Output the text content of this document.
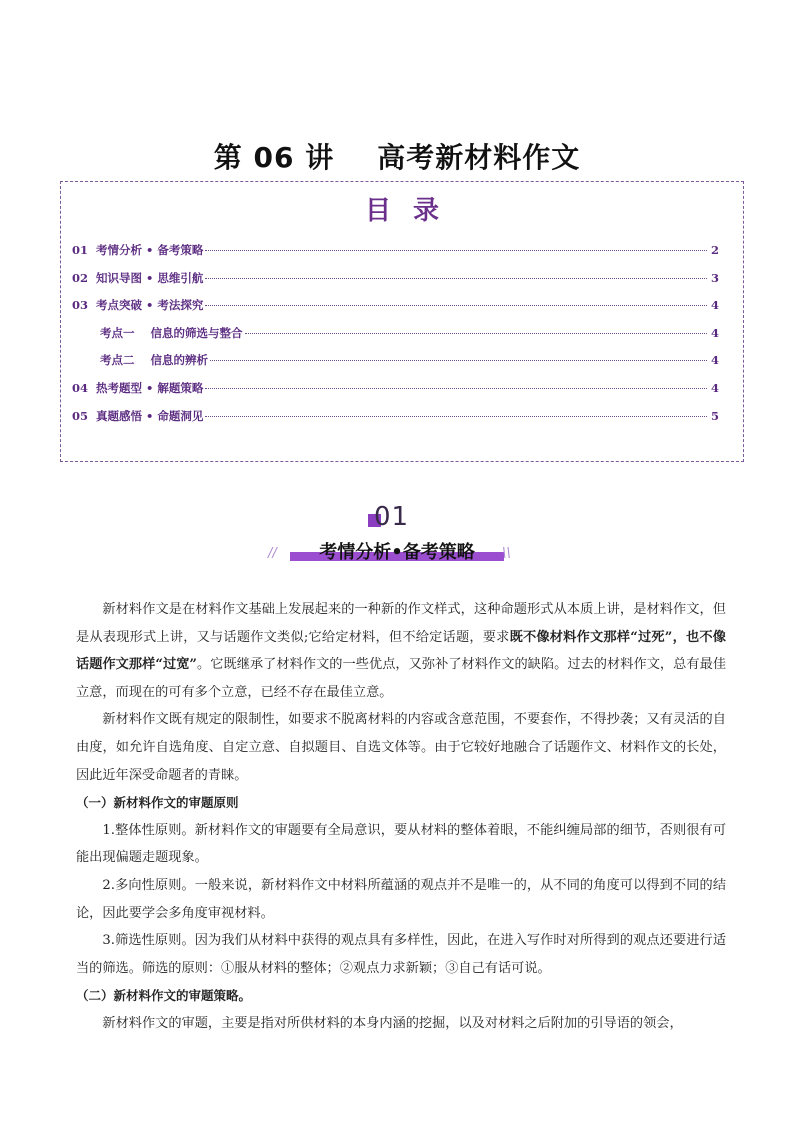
第 06 讲    高考新材料作文
目录
01 考情分析 • 备考策略	2
02 知识导图 • 思维引航	3
03 考点突破 • 考法探究	4
考点一    信息的筛选与整合	4
考点二    信息的辨析	4
04 热考题型 • 解题策略	4
05 真题感悟 • 命题洞见	5
01
//	考情分析•备考策略	\\

新材料作文是在材料作文基础上发展起来的一种新的作文样式，这种命题形式从本质上讲，是材料作文，但是从表现形式上讲，又与话题作文类似;它给定材料，但不给定话题，要求既不像材料作文那样“过死”，也不像话题作文那样“过宽”。它既继承了材料作文的一些优点，又弥补了材料作文的缺陷。过去的材料作文，总有最佳立意，而现在的可有多个立意，已经不存在最佳立意。

新材料作文既有规定的限制性，如要求不脱离材料的内容或含意范围，不要套作，不得抄袭；又有灵活的自由度，如允许自选角度、自定立意、自拟题目、自选文体等。由于它较好地融合了话题作文、材料作文的长处，因此近年深受命题者的青睐。

（一）新材料作文的审题原则

1.整体性原则。新材料作文的审题要有全局意识，要从材料的整体着眼，不能纠缠局部的细节，否则很有可能出现偏题走题现象。

2.多向性原则。一般来说，新材料作文中材料所蕴涵的观点并不是唯一的，从不同的角度可以得到不同的结论，因此要学会多角度审视材料。

3.筛选性原则。因为我们从材料中获得的观点具有多样性，因此，在进入写作时对所得到的观点还要进行适当的筛选。筛选的原则：①服从材料的整体；②观点力求新颖；③自己有话可说。

（二）新材料作文的审题策略。

新材料作文的审题，主要是指对所供材料的本身内涵的挖掘，以及对材料之后附加的引导语的领会，
